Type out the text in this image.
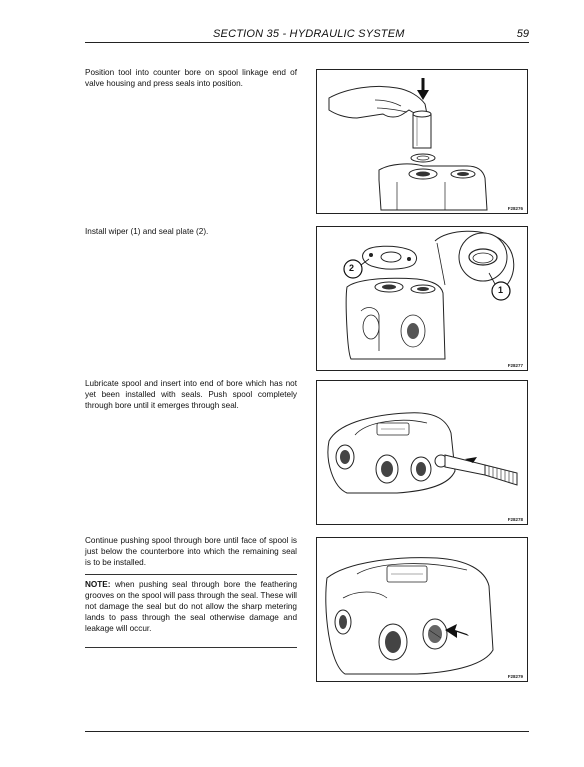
SECTION 35 - HYDRAULIC SYSTEM	59
Position tool into counter bore on spool linkage end of valve housing and press seals into position.
F28276
Install wiper (1) and seal plate (2).
2
1
F28277
Lubricate spool and insert into end of bore which has not yet been installed with seals. Push spool completely through bore until it emerges through seal.
F28278
Continue pushing spool through bore until face of spool is just below the counterbore into which the remaining seal is to be installed.
NOTE: when pushing seal through bore the feathering grooves on the spool will pass through the seal. These will not damage the seal but do not allow the sharp metering lands to pass through the seal otherwise damage and leakage will occur.
F28279
